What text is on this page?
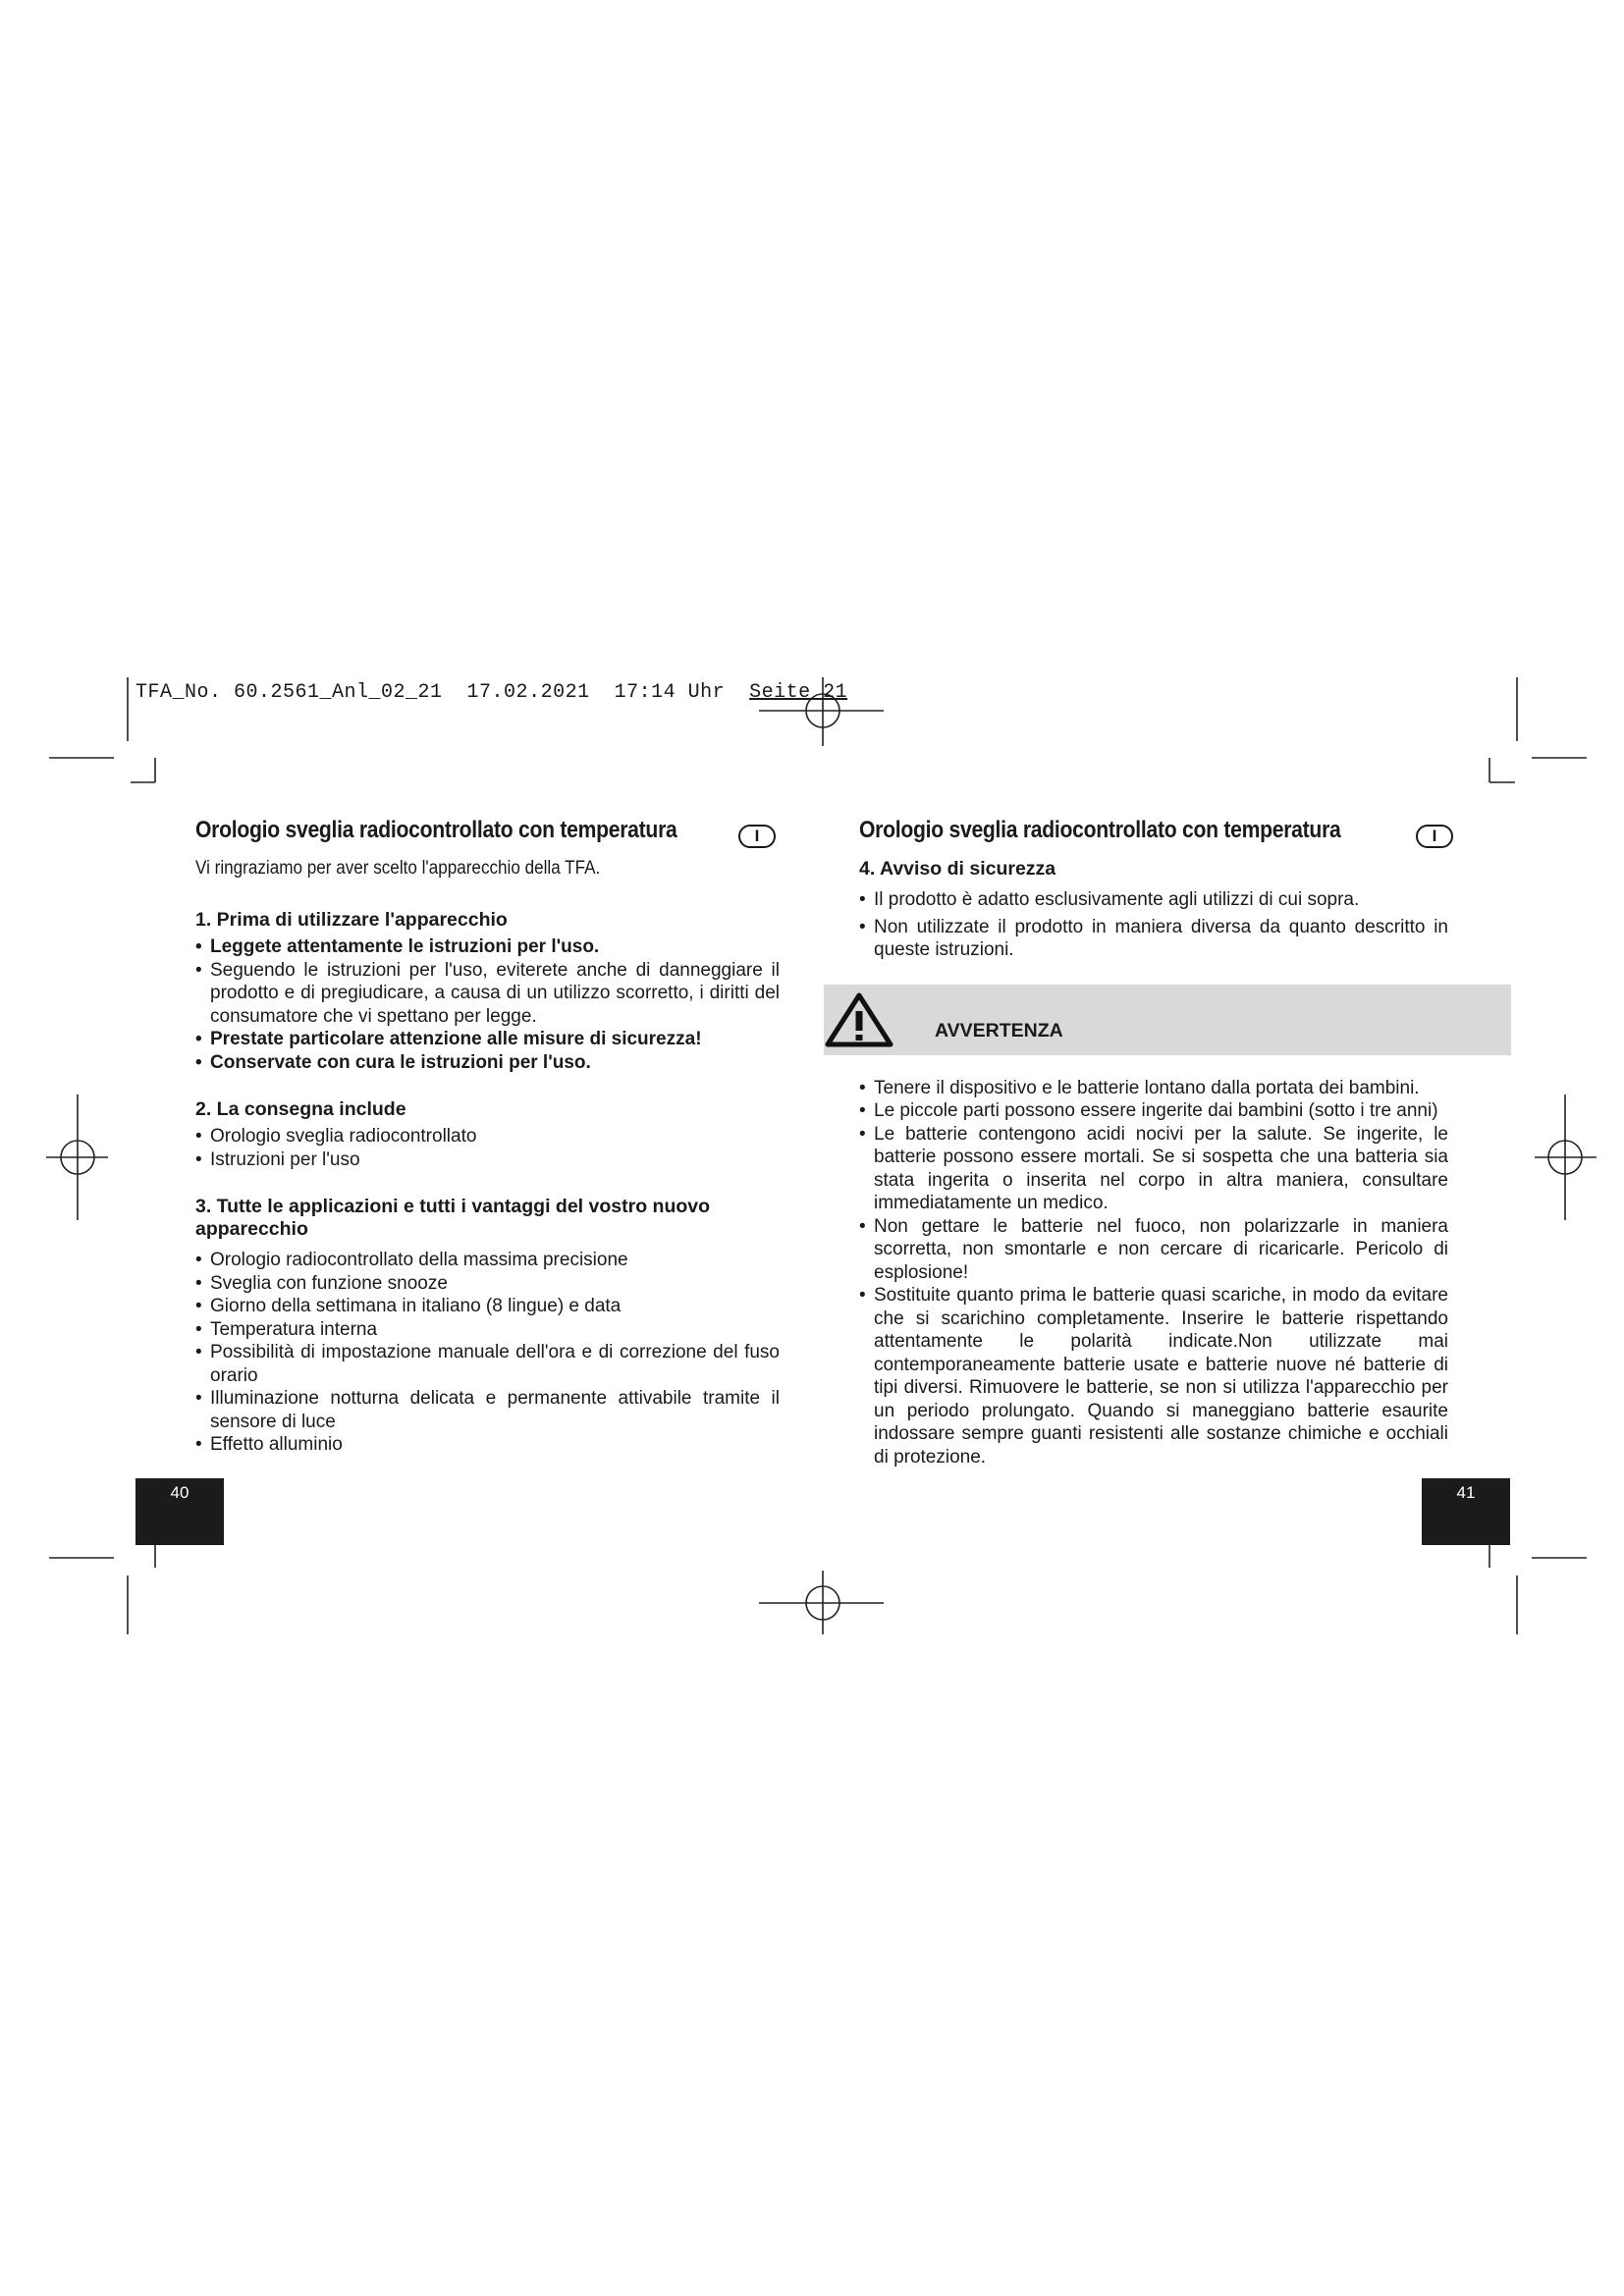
TFA_No. 60.2561_Anl_02_21  17.02.2021  17:14 Uhr  Seite 21
Orologio sveglia radiocontrollato con temperatura	I
Vi ringraziamo per aver scelto l'apparecchio della TFA.
1. Prima di utilizzare l'apparecchio
• Leggete attentamente le istruzioni per l'uso.
• Seguendo le istruzioni per l'uso, eviterete anche di danneggiare il prodotto e di pregiudicare, a causa di un utilizzo scorretto, i diritti del consumatore che vi spettano per legge.
• Prestate particolare attenzione alle misure di sicurezza!
• Conservate con cura le istruzioni per l'uso.
2. La consegna include
• Orologio sveglia radiocontrollato
• Istruzioni per l'uso
3. Tutte le applicazioni e tutti i vantaggi del vostro nuovo apparecchio
• Orologio radiocontrollato della massima precisione
• Sveglia con funzione snooze
• Giorno della settimana in italiano (8 lingue) e data
• Temperatura interna
• Possibilità di impostazione manuale dell'ora e di correzione del fuso orario
• Illuminazione notturna delicata e permanente attivabile tramite il sensore di luce
• Effetto alluminio
Orologio sveglia radiocontrollato con temperatura	I
4. Avviso di sicurezza
• Il prodotto è adatto esclusivamente agli utilizzi di cui sopra.
• Non utilizzate il prodotto in maniera diversa da quanto descritto in queste istruzioni.
• Tenere il dispositivo e le batterie lontano dalla portata dei bambini.
• Le piccole parti possono essere ingerite dai bambini (sotto i tre anni)
• Le batterie contengono acidi nocivi per la salute. Se ingerite, le batterie possono essere mortali. Se si sospetta che una batteria sia stata ingerita o inserita nel corpo in altra maniera, consultare immediatamente un medico.
• Non gettare le batterie nel fuoco, non polarizzarle in maniera scorretta, non smontarle e non cercare di ricaricarle. Pericolo di esplosione!
• Sostituite quanto prima le batterie quasi scariche, in modo da evitare che si scarichino completamente. Inserire le batterie rispettando attentamente le polarità indicate.Non utilizzate mai contemporaneamente batterie usate e batterie nuove né batterie di tipi diversi. Rimuovere le batterie, se non si utilizza l'apparecchio per un periodo prolungato. Quando si maneggiano batterie esaurite indossare sempre guanti resistenti alle sostanze chimiche e occhiali di protezione.
AVVERTENZA
40	41
